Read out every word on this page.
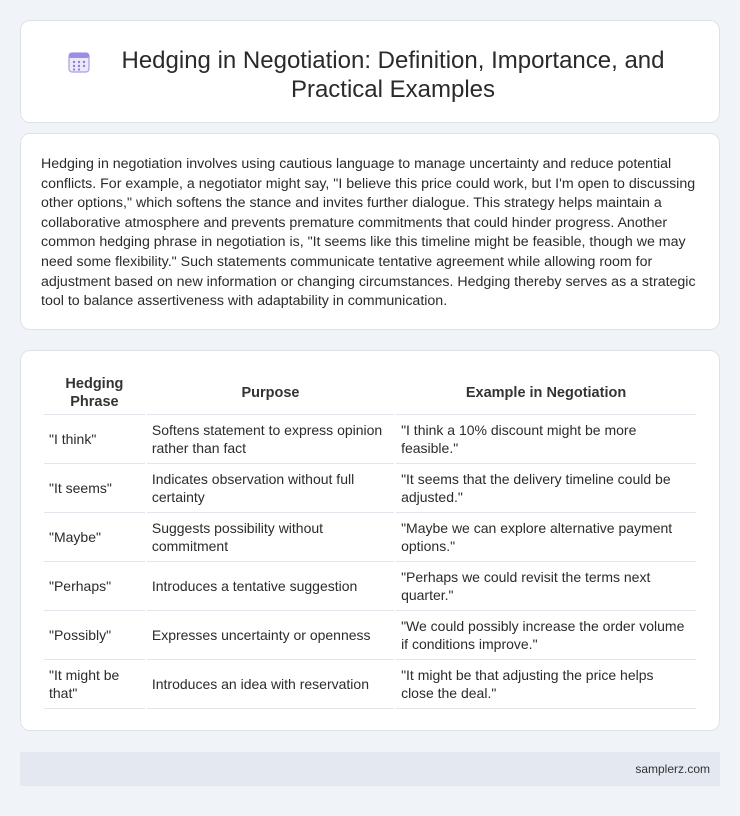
Hedging in Negotiation: Definition, Importance, and Practical Examples

Hedging in negotiation involves using cautious language to manage uncertainty and reduce potential conflicts. For example, a negotiator might say, "I believe this price could work, but I'm open to discussing other options," which softens the stance and invites further dialogue. This strategy helps maintain a collaborative atmosphere and prevents premature commitments that could hinder progress. Another common hedging phrase in negotiation is, "It seems like this timeline might be feasible, though we may need some flexibility." Such statements communicate tentative agreement while allowing room for adjustment based on new information or changing circumstances. Hedging thereby serves as a strategic tool to balance assertiveness with adaptability in communication.

Hedging Phrase	Purpose	Example in Negotiation
"I think"	Softens statement to express opinion rather than fact	"I think a 10% discount might be more feasible."
"It seems"	Indicates observation without full certainty	"It seems that the delivery timeline could be adjusted."
"Maybe"	Suggests possibility without commitment	"Maybe we can explore alternative payment options."
"Perhaps"	Introduces a tentative suggestion	"Perhaps we could revisit the terms next quarter."
"Possibly"	Expresses uncertainty or openness	"We could possibly increase the order volume if conditions improve."
"It might be that"	Introduces an idea with reservation	"It might be that adjusting the price helps close the deal."
samplerz.com
